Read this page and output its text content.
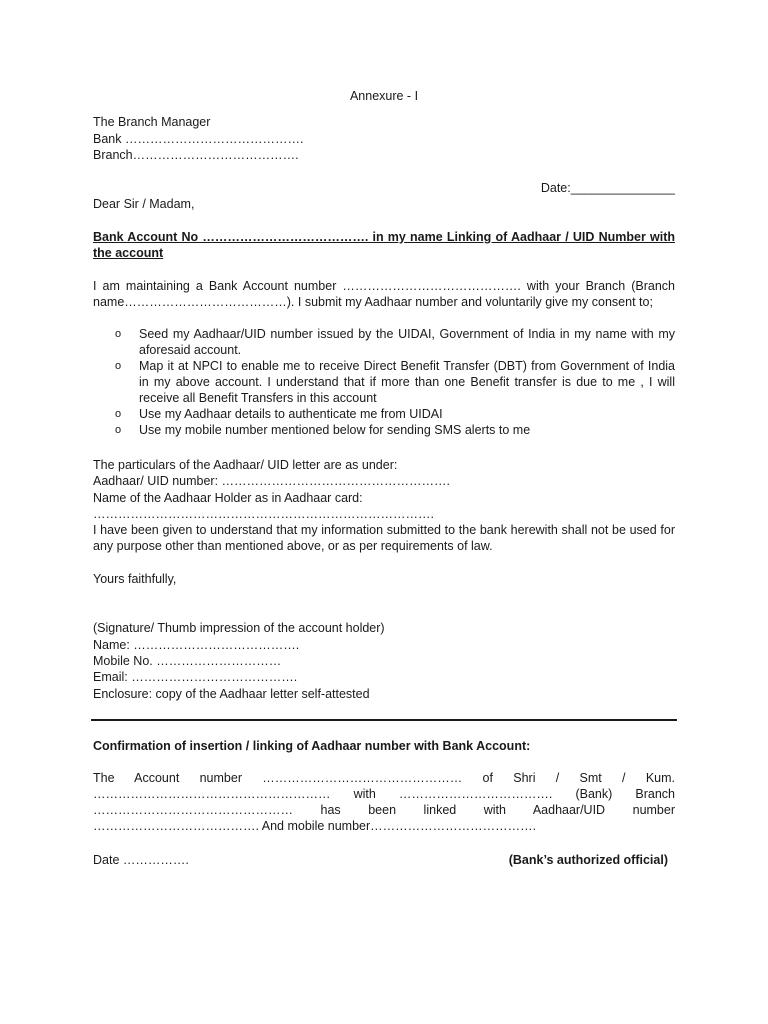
Annexure - I
The Branch Manager
Bank …………………………………….
Branch………………………………….
Date:_______________
Dear Sir / Madam,
Bank Account No …………………………………. in my name Linking of Aadhaar / UID Number with the account
I am maintaining a Bank Account number ……………………………………. with your Branch (Branch name…………………………………). I submit my Aadhaar number and voluntarily give my consent to;
o	Seed my Aadhaar/UID number issued by the UIDAI, Government of India in my name with my aforesaid account.
o	Map it at NPCI to enable me to receive Direct Benefit Transfer (DBT) from Government of India in my above account. I understand that if more than one Benefit transfer is due to me , I will receive all Benefit Transfers in this account
o	Use my Aadhaar details to authenticate me from UIDAI
o	Use my mobile number mentioned below for sending SMS alerts to me
The particulars of the Aadhaar/ UID letter are as under:
Aadhaar/ UID number: ……………………………………………….
Name of the Aadhaar Holder as in Aadhaar card: ……………………………………………………………………….
I have been given to understand that my information submitted to the bank herewith shall not be used for any purpose other than mentioned above, or as per requirements of law.
Yours faithfully,
(Signature/ Thumb impression of the account holder)
Name: ………………………………….
Mobile No. …………………………
Email: ………………………………….
Enclosure: copy of the Aadhaar letter self-attested
Confirmation of insertion / linking of Aadhaar number with Bank Account:
The Account number ………………………………………… of Shri / Smt / Kum. ………………………………………………… with ………………………………. (Bank) Branch ………………………………………… has been linked with Aadhaar/UID number …………………………………. And mobile number………………………………….
Date …………….	(Bank’s authorized official)
